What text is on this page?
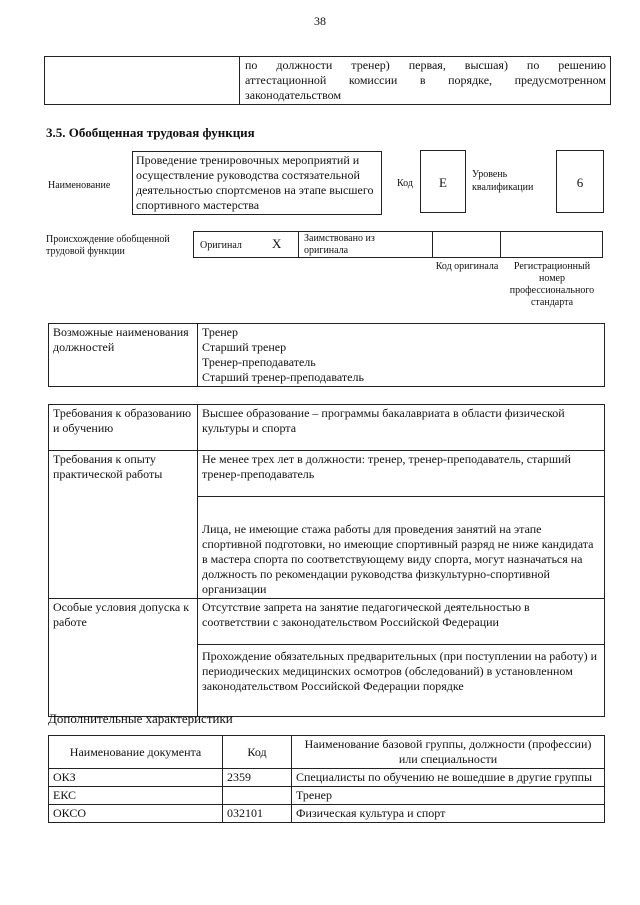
38
по должности тренер) первая, высшая) по решению
аттестационной комиссии в порядке, предусмотренном
законодательством
3.5. Обобщенная трудовая функция
Наименование
Проведение тренировочных мероприятий и осуществление руководства состязательной деятельностью спортсменов на этапе высшего спортивного мастерства
Код	E
Уровень квалификации	6
Происхождение обобщенной трудовой функции
Оригинал X Заимствовано из оригинала
Код оригинала	Регистрационный номер профессионального стандарта
Возможные наименования должностей	
Тренер
Старший тренер
Тренер-преподаватель
Старший тренер-преподаватель
Требования к образованию и обучению	Высшее образование – программы бакалавриата в области физической культуры и спорта
Требования к опыту практической работы	Не менее трех лет в должности: тренер, тренер-преподаватель, старший тренер-преподаватель
	Лица, не имеющие стажа работы для проведения занятий на этапе спортивной подготовки, но имеющие спортивный разряд не ниже кандидата в мастера спорта по соответствующему виду спорта, могут назначаться на должность по рекомендации руководства физкультурно-спортивной организации
Особые условия допуска к работе	Отсутствие запрета на занятие педагогической деятельностью в соответствии с законодательством Российской Федерации
	Прохождение обязательных предварительных (при поступлении на работу) и периодических медицинских осмотров (обследований) в установленном законодательством Российской Федерации порядке
Дополнительные характеристики
Наименование документа	Код	Наименование базовой группы, должности (профессии) или специальности
ОКЗ	2359	Специалисты по обучению не вошедшие в другие группы
ЕКС		Тренер
ОКСО	032101	Физическая культура и спорт
